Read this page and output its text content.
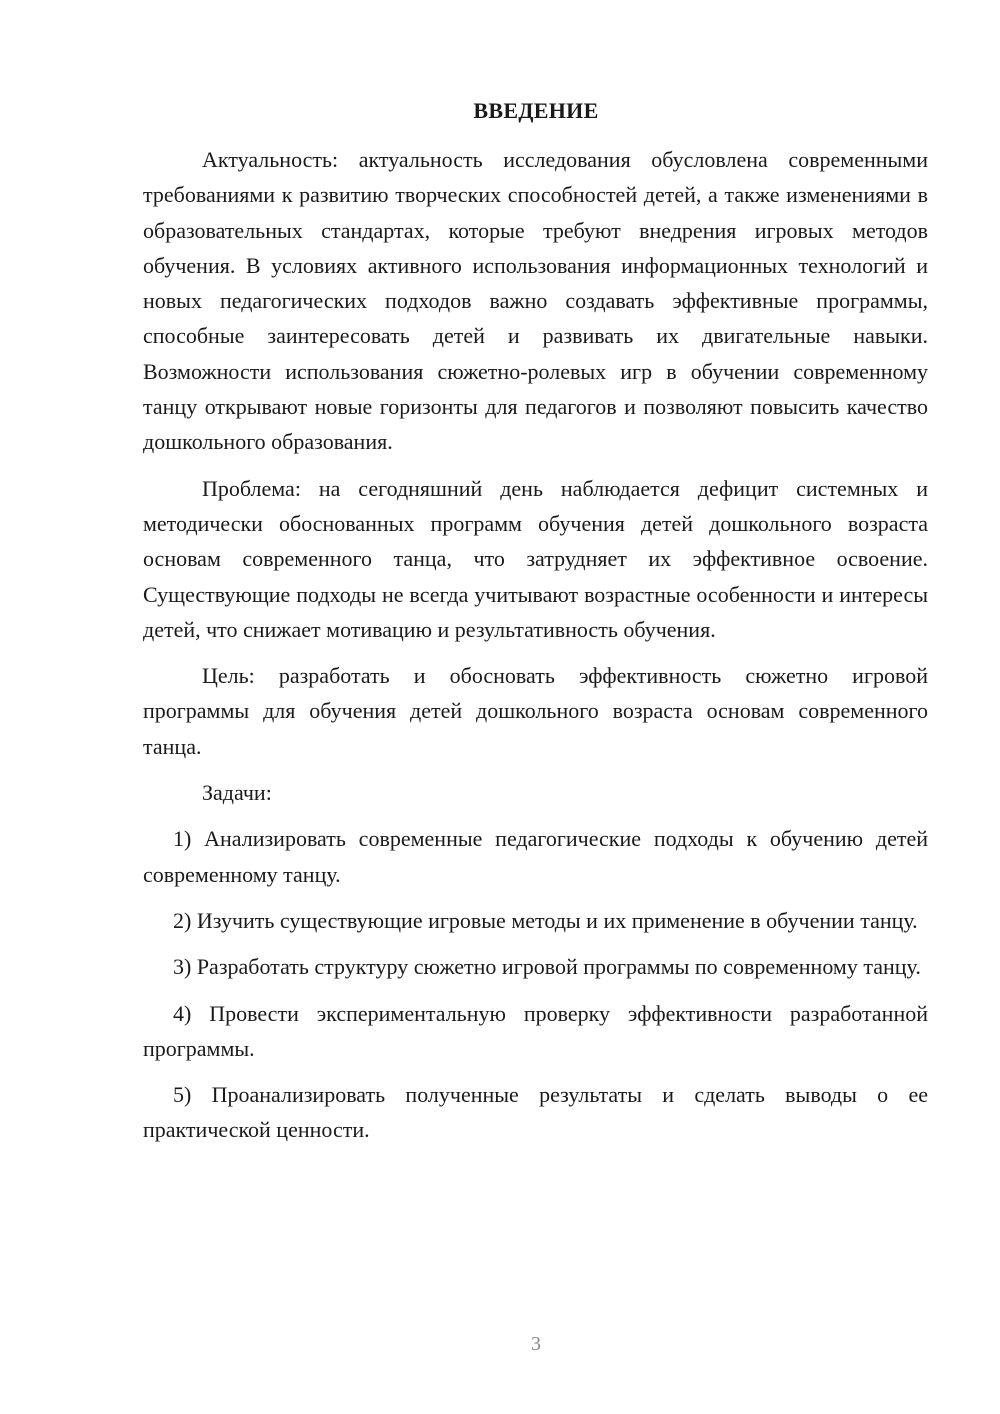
ВВЕДЕНИЕ

Актуальность: актуальность исследования обусловлена современными требованиями к развитию творческих способностей детей, а также изменениями в образовательных стандартах, которые требуют внедрения игровых методов обучения. В условиях активного использования информационных технологий и новых педагогических подходов важно создавать эффективные программы, способные заинтересовать детей и развивать их двигательные навыки. Возможности использования сюжетно-ролевых игр в обучении современному танцу открывают новые горизонты для педагогов и позволяют повысить качество дошкольного образования.

Проблема: на сегодняшний день наблюдается дефицит системных и методически обоснованных программ обучения детей дошкольного возраста основам современного танца, что затрудняет их эффективное освоение. Существующие подходы не всегда учитывают возрастные особенности и интересы детей, что снижает мотивацию и результативность обучения.

Цель: разработать и обосновать эффективность сюжетно игровой программы для обучения детей дошкольного возраста основам современного танца.

Задачи:

1) Анализировать современные педагогические подходы к обучению детей современному танцу.

2) Изучить существующие игровые методы и их применение в обучении танцу.

3) Разработать структуру сюжетно игровой программы по современному танцу.

4) Провести экспериментальную проверку эффективности разработанной программы.

5) Проанализировать полученные результаты и сделать выводы о ее практической ценности.

3
